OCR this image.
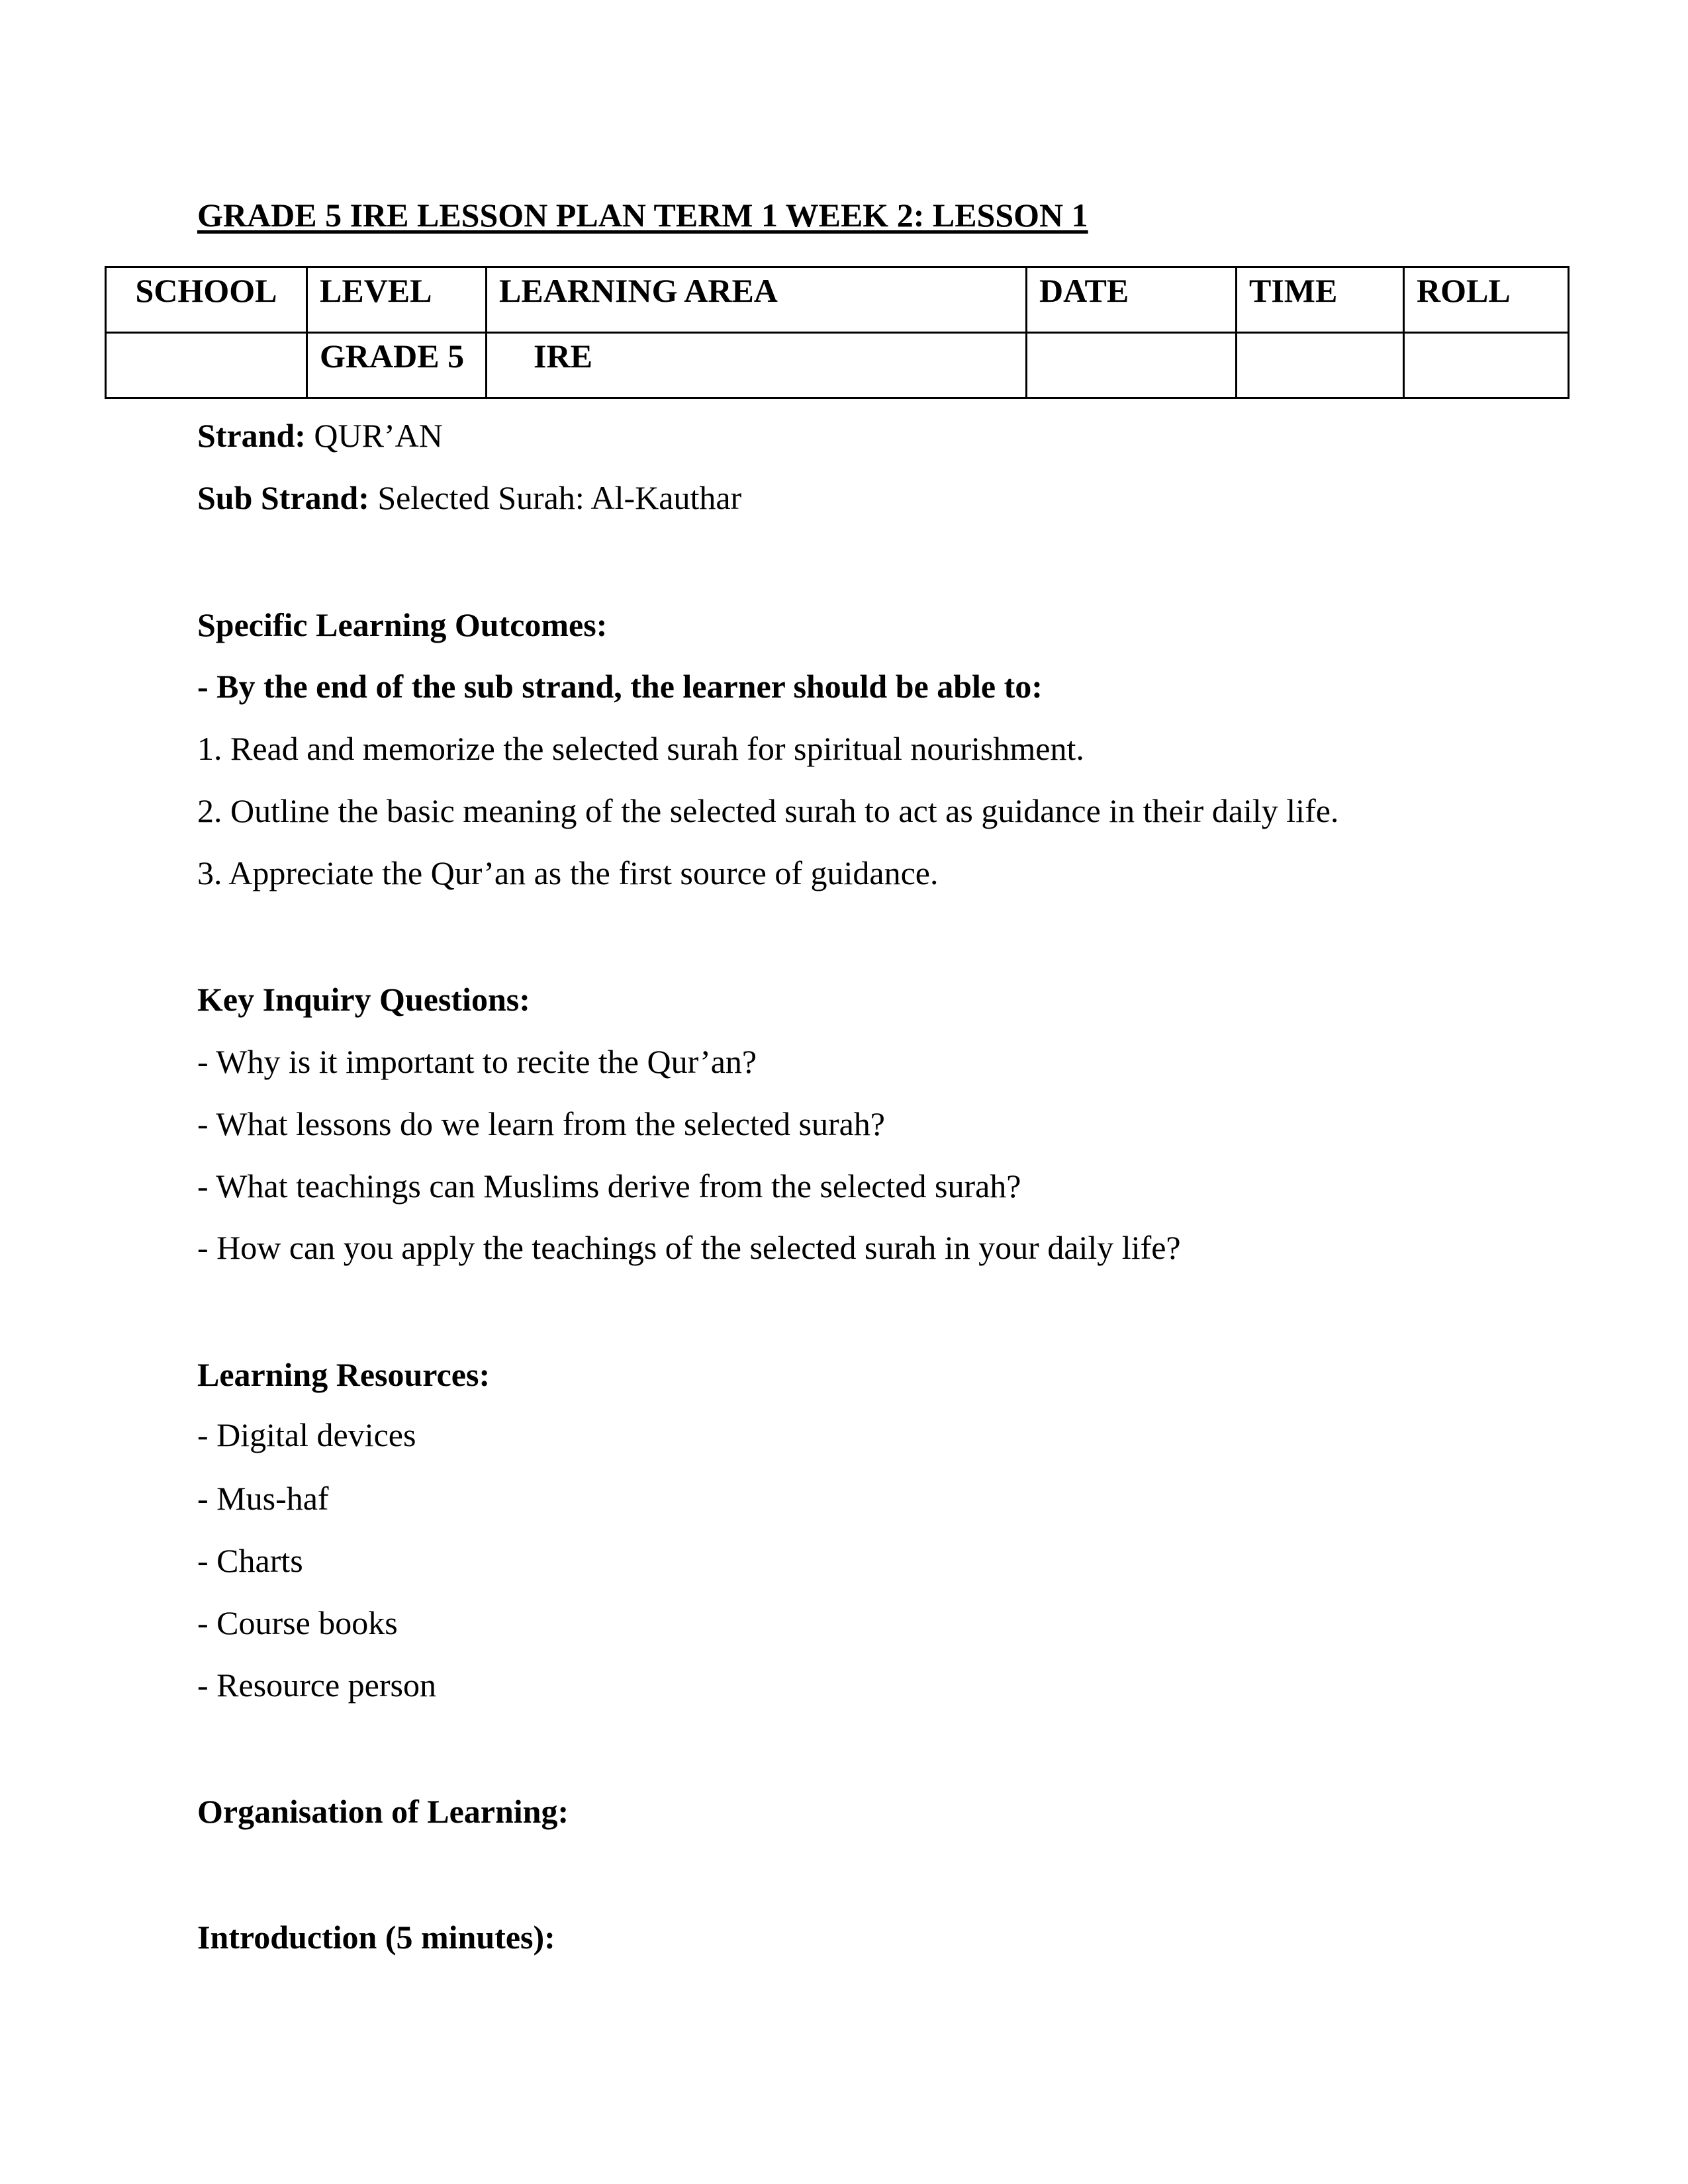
GRADE 5 IRE LESSON PLAN TERM 1 WEEK 2: LESSON 1
SCHOOL	LEVEL	LEARNING AREA	DATE	TIME	ROLL
	GRADE 5	IRE			
Strand: QUR’AN
Sub Strand: Selected Surah: Al-Kauthar
Specific Learning Outcomes:
- By the end of the sub strand, the learner should be able to:
1. Read and memorize the selected surah for spiritual nourishment.
2. Outline the basic meaning of the selected surah to act as guidance in their daily life.
3. Appreciate the Qur’an as the first source of guidance.
Key Inquiry Questions:
- Why is it important to recite the Qur’an?
- What lessons do we learn from the selected surah?
- What teachings can Muslims derive from the selected surah?
- How can you apply the teachings of the selected surah in your daily life?
Learning Resources:
- Digital devices
- Mus-haf
- Charts
- Course books
- Resource person
Organisation of Learning:
Introduction (5 minutes):
